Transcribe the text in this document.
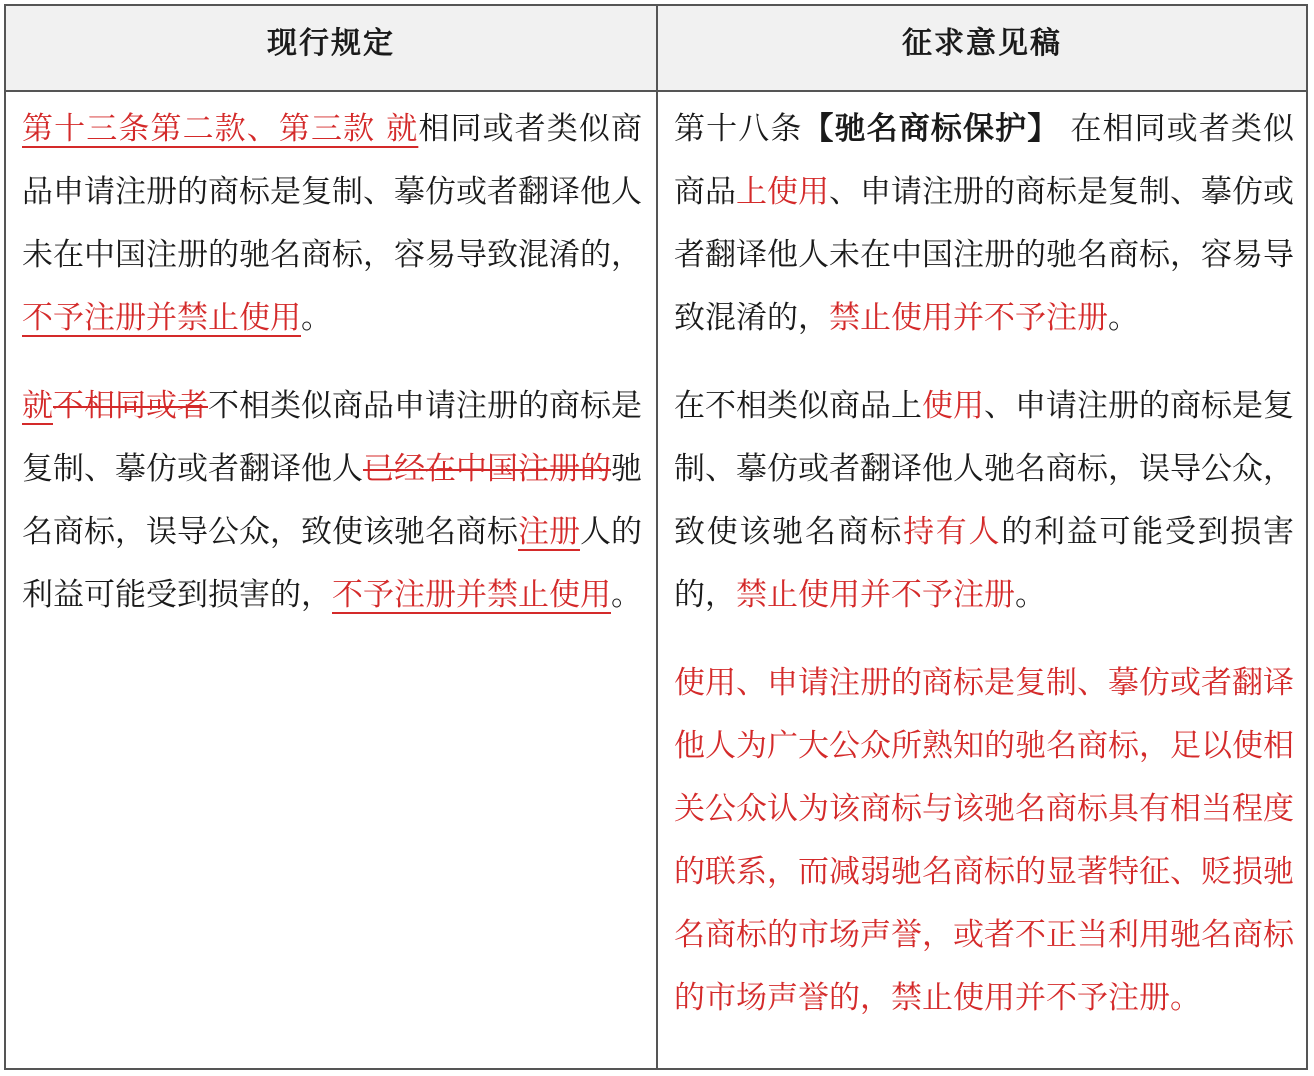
现行规定	征求意见稿

第十三条第二款、第三款 就相同或者类似商品申请注册的商标是复制、摹仿或者翻译他人未在中国注册的驰名商标，容易导致混淆的，不予注册并禁止使用。

就不相同或者不相类似商品申请注册的商标是复制、摹仿或者翻译他人已经在中国注册的驰名商标，误导公众，致使该驰名商标注册人的利益可能受到损害的，不予注册并禁止使用。

第十八条【驰名商标保护】 在相同或者类似商品上使用、申请注册的商标是复制、摹仿或者翻译他人未在中国注册的驰名商标，容易导致混淆的，禁止使用并不予注册。

在不相类似商品上使用、申请注册的商标是复制、摹仿或者翻译他人驰名商标，误导公众，致使该驰名商标持有人的利益可能受到损害的，禁止使用并不予注册。

使用、申请注册的商标是复制、摹仿或者翻译他人为广大公众所熟知的驰名商标，足以使相关公众认为该商标与该驰名商标具有相当程度的联系，而减弱驰名商标的显著特征、贬损驰名商标的市场声誉，或者不正当利用驰名商标的市场声誉的，禁止使用并不予注册。
